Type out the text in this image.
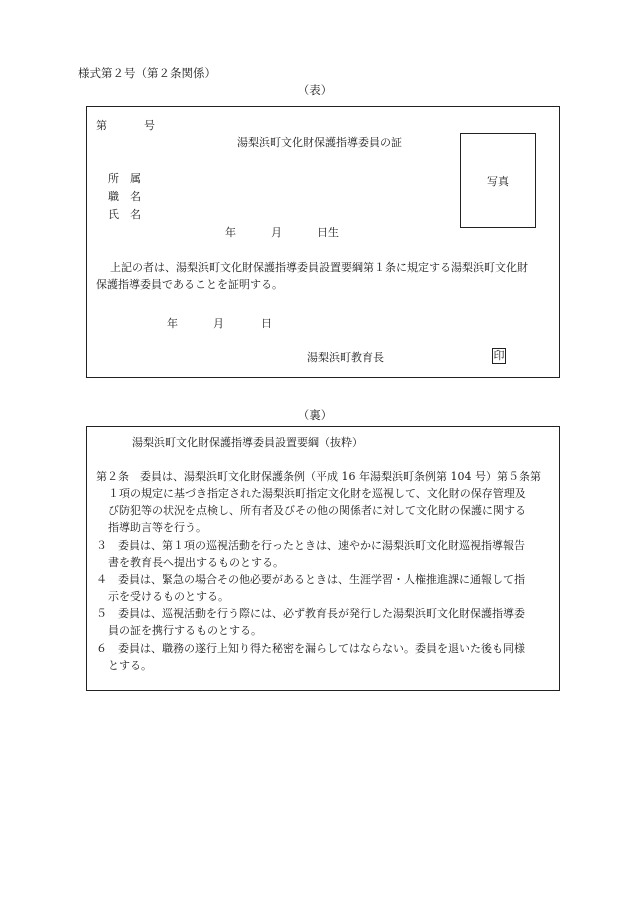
様式第２号（第２条関係）
（表）
第	号
湯梨浜町文化財保護指導委員の証
写真
所　属
職　名
氏　名
年	月	日生
上記の者は、湯梨浜町文化財保護指導委員設置要綱第１条に規定する湯梨浜町文化財
保護指導委員であることを証明する。
年	月	日
湯梨浜町教育長	印
（裏）
湯梨浜町文化財保護指導委員設置要綱（抜粋）
第２条　委員は、湯梨浜町文化財保護条例（平成 16 年湯梨浜町条例第 104 号）第５条第
１項の規定に基づき指定された湯梨浜町指定文化財を巡視して、文化財の保存管理及
び防犯等の状況を点検し、所有者及びその他の関係者に対して文化財の保護に関する
指導助言等を行う。
３　委員は、第１項の巡視活動を行ったときは、速やかに湯梨浜町文化財巡視指導報告
書を教育長へ提出するものとする。
４　委員は、緊急の場合その他必要があるときは、生涯学習・人権推進課に通報して指
示を受けるものとする。
５　委員は、巡視活動を行う際には、必ず教育長が発行した湯梨浜町文化財保護指導委
員の証を携行するものとする。
６　委員は、職務の遂行上知り得た秘密を漏らしてはならない。委員を退いた後も同様
とする。
